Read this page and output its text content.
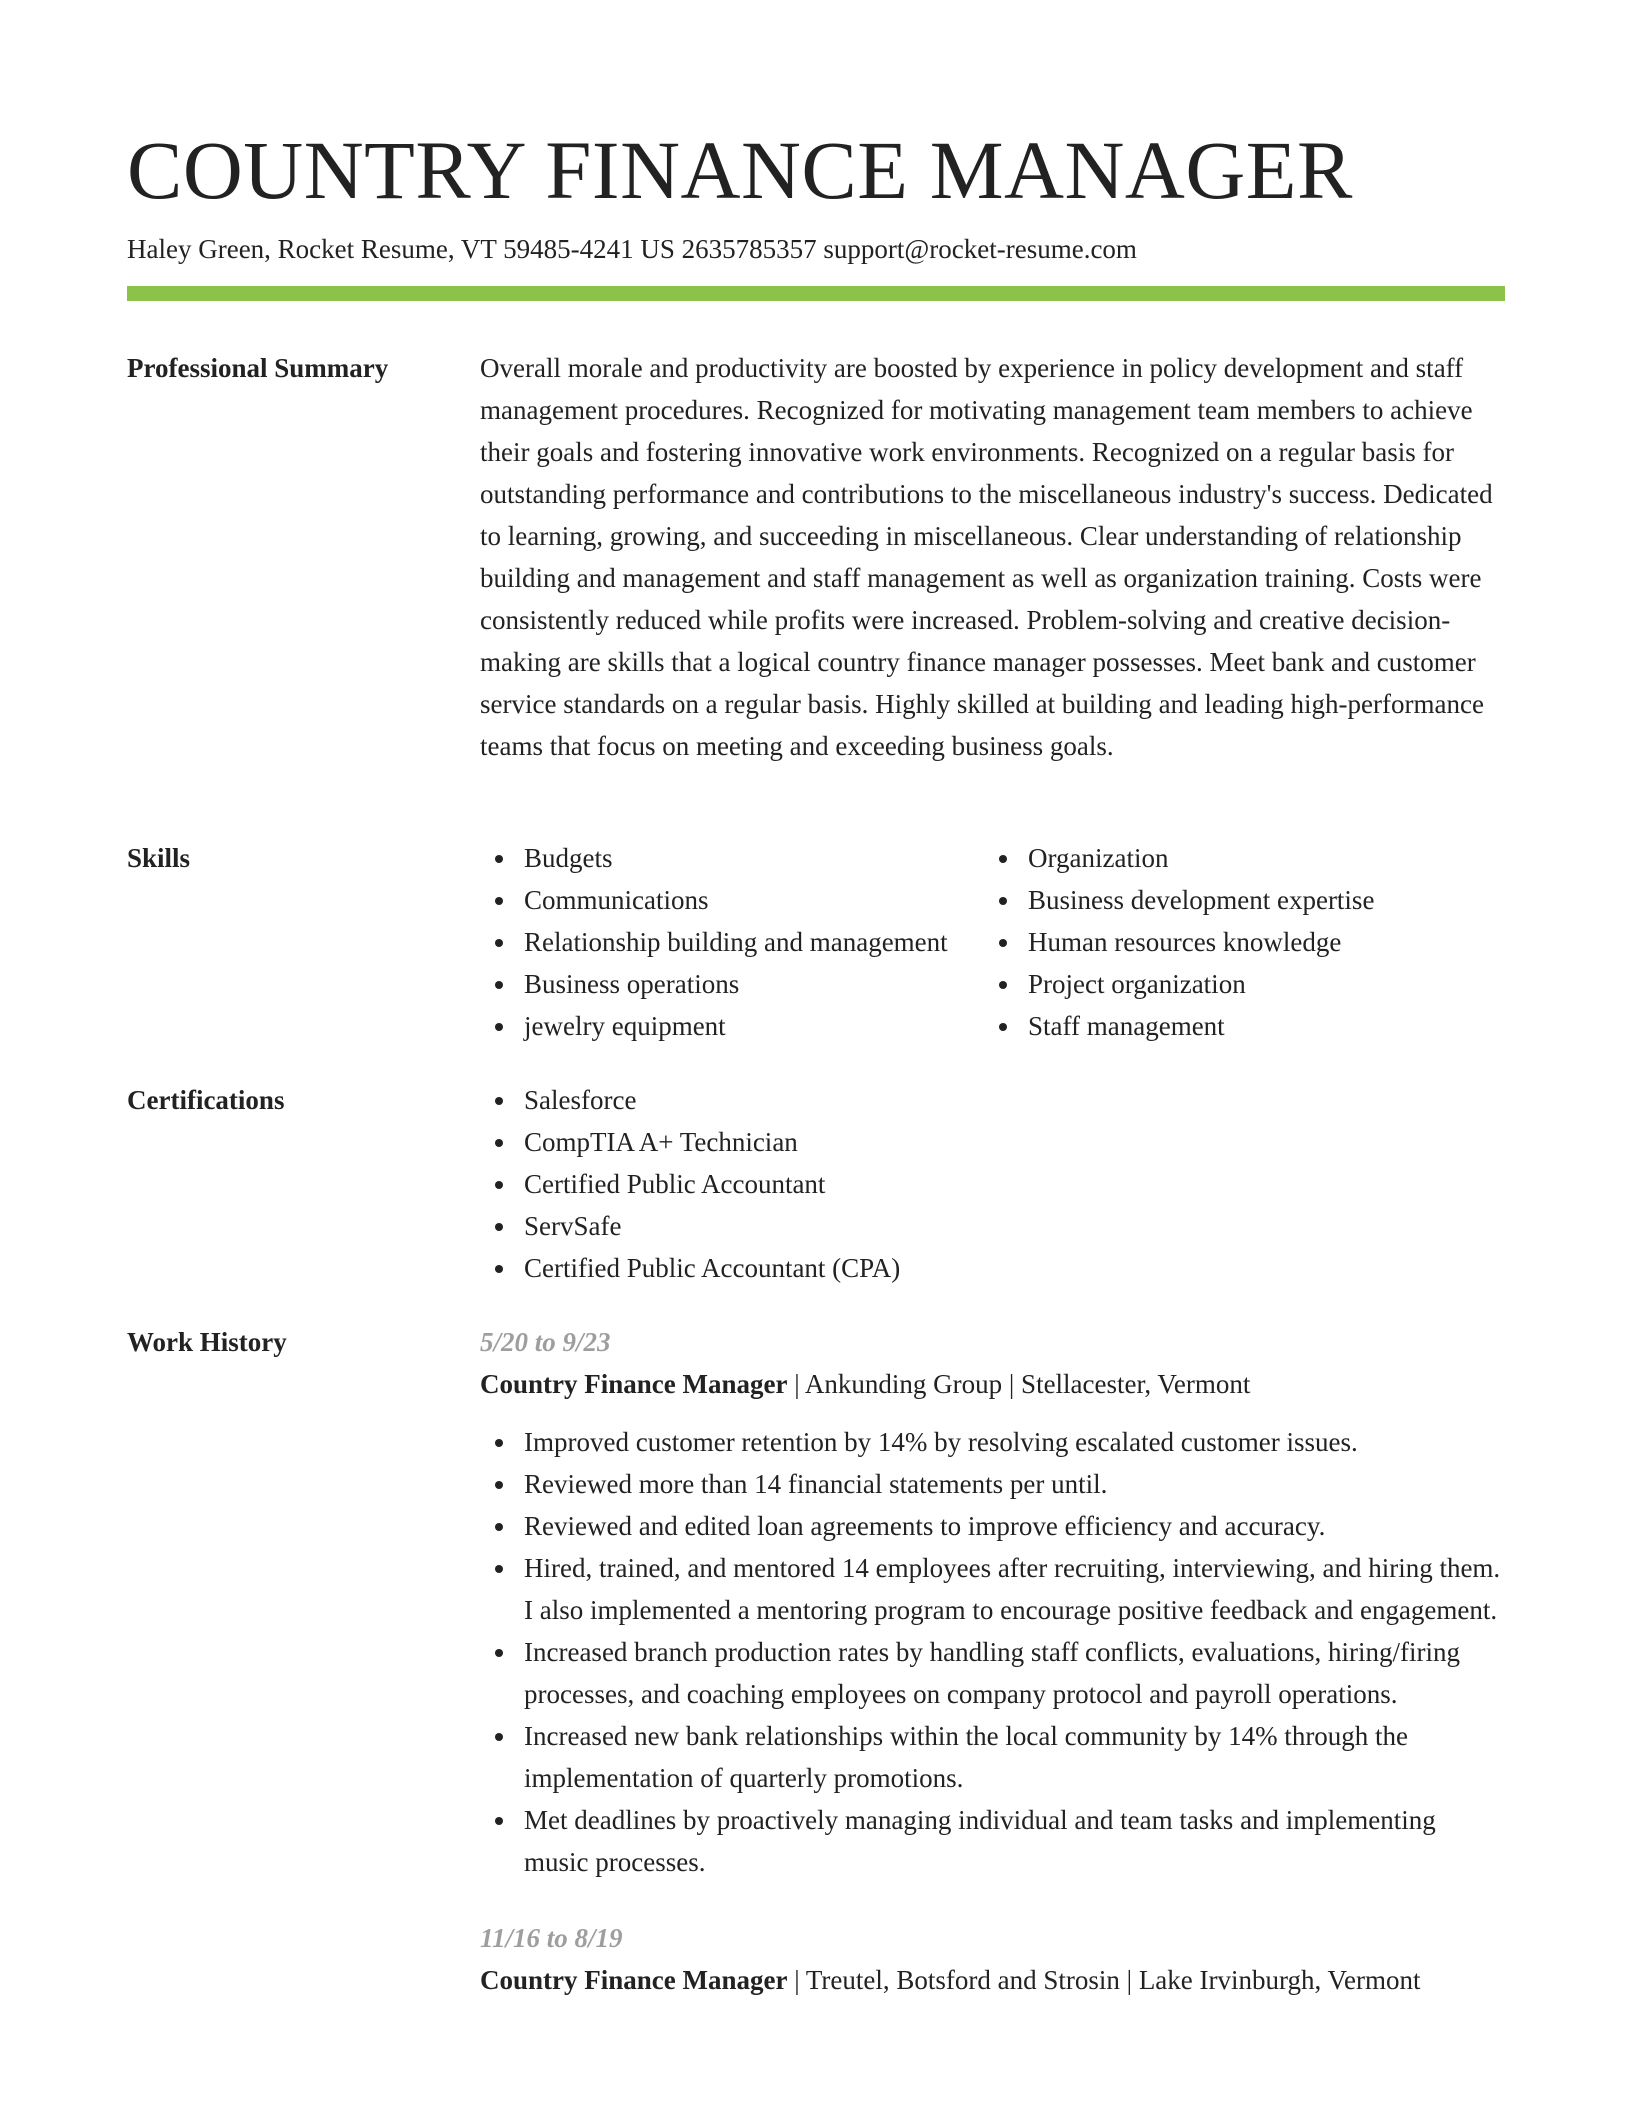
COUNTRY FINANCE MANAGER
Haley Green, Rocket Resume, VT 59485-4241 US 2635785357 support@rocket-resume.com
Professional Summary	Overall morale and productivity are boosted by experience in policy development and staff management procedures. Recognized for motivating management team members to achieve their goals and fostering innovative work environments. Recognized on a regular basis for outstanding performance and contributions to the miscellaneous industry's success. Dedicated to learning, growing, and succeeding in miscellaneous. Clear understanding of relationship building and management and staff management as well as organization training. Costs were consistently reduced while profits were increased. Problem-solving and creative decision-making are skills that a logical country finance manager possesses. Meet bank and customer service standards on a regular basis. Highly skilled at building and leading high-performance teams that focus on meeting and exceeding business goals.

Skills	Budgets
Communications
Relationship building and management
Business operations
jewelry equipment
Organization
Business development expertise
Human resources knowledge
Project organization
Staff management
Certifications	Salesforce
CompTIA A+ Technician
Certified Public Accountant
ServSafe
Certified Public Accountant (CPA)
Work History	5/20 to 9/23
Country Finance Manager | Ankunding Group | Stellacester, Vermont
Improved customer retention by 14% by resolving escalated customer issues.
Reviewed more than 14 financial statements per until.
Reviewed and edited loan agreements to improve efficiency and accuracy.
Hired, trained, and mentored 14 employees after recruiting, interviewing, and hiring them. I also implemented a mentoring program to encourage positive feedback and engagement.
Increased branch production rates by handling staff conflicts, evaluations, hiring/firing processes, and coaching employees on company protocol and payroll operations.
Increased new bank relationships within the local community by 14% through the implementation of quarterly promotions.
Met deadlines by proactively managing individual and team tasks and implementing music processes.
11/16 to 8/19
Country Finance Manager | Treutel, Botsford and Strosin | Lake Irvinburgh, Vermont
